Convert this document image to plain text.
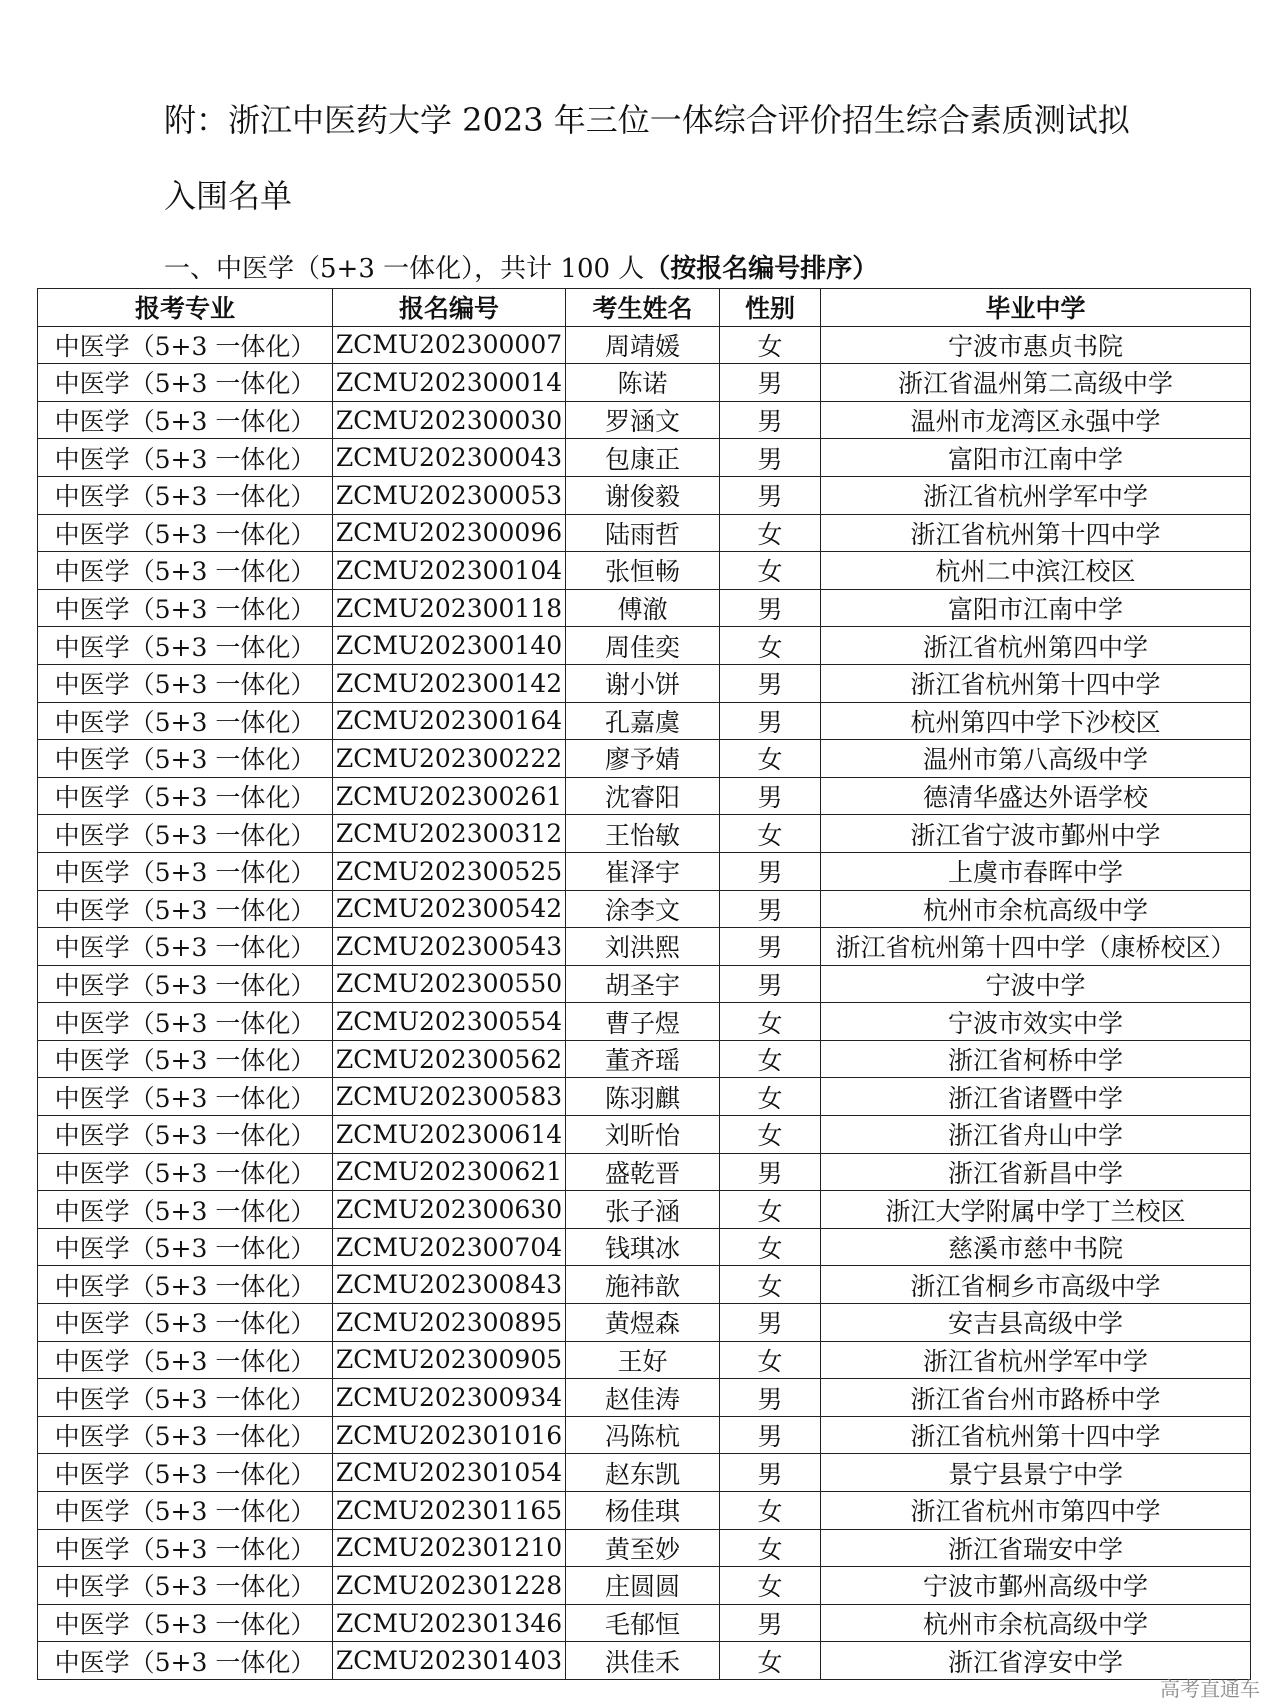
附：浙江中医药大学 2023 年三位一体综合评价招生综合素质测试拟
入围名单
一、中医学（5+3 一体化），共计 100 人（按报名编号排序）
报考专业	报名编号	考生姓名	性别	毕业中学
中医学（5+3 一体化）	ZCMU202300007	周靖媛	女	宁波市惠贞书院
中医学（5+3 一体化）	ZCMU202300014	陈诺	男	浙江省温州第二高级中学
中医学（5+3 一体化）	ZCMU202300030	罗涵文	男	温州市龙湾区永强中学
中医学（5+3 一体化）	ZCMU202300043	包康正	男	富阳市江南中学
中医学（5+3 一体化）	ZCMU202300053	谢俊毅	男	浙江省杭州学军中学
中医学（5+3 一体化）	ZCMU202300096	陆雨哲	女	浙江省杭州第十四中学
中医学（5+3 一体化）	ZCMU202300104	张恒畅	女	杭州二中滨江校区
中医学（5+3 一体化）	ZCMU202300118	傅澈	男	富阳市江南中学
中医学（5+3 一体化）	ZCMU202300140	周佳奕	女	浙江省杭州第四中学
中医学（5+3 一体化）	ZCMU202300142	谢小饼	男	浙江省杭州第十四中学
中医学（5+3 一体化）	ZCMU202300164	孔嘉虞	男	杭州第四中学下沙校区
中医学（5+3 一体化）	ZCMU202300222	廖予婧	女	温州市第八高级中学
中医学（5+3 一体化）	ZCMU202300261	沈睿阳	男	德清华盛达外语学校
中医学（5+3 一体化）	ZCMU202300312	王怡敏	女	浙江省宁波市鄞州中学
中医学（5+3 一体化）	ZCMU202300525	崔泽宇	男	上虞市春晖中学
中医学（5+3 一体化）	ZCMU202300542	涂李文	男	杭州市余杭高级中学
中医学（5+3 一体化）	ZCMU202300543	刘洪熙	男	浙江省杭州第十四中学（康桥校区）
中医学（5+3 一体化）	ZCMU202300550	胡圣宇	男	宁波中学
中医学（5+3 一体化）	ZCMU202300554	曹子煜	女	宁波市效实中学
中医学（5+3 一体化）	ZCMU202300562	董齐瑶	女	浙江省柯桥中学
中医学（5+3 一体化）	ZCMU202300583	陈羽麒	女	浙江省诸暨中学
中医学（5+3 一体化）	ZCMU202300614	刘昕怡	女	浙江省舟山中学
中医学（5+3 一体化）	ZCMU202300621	盛乾晋	男	浙江省新昌中学
中医学（5+3 一体化）	ZCMU202300630	张子涵	女	浙江大学附属中学丁兰校区
中医学（5+3 一体化）	ZCMU202300704	钱琪冰	女	慈溪市慈中书院
中医学（5+3 一体化）	ZCMU202300843	施祎歆	女	浙江省桐乡市高级中学
中医学（5+3 一体化）	ZCMU202300895	黄煜森	男	安吉县高级中学
中医学（5+3 一体化）	ZCMU202300905	王好	女	浙江省杭州学军中学
中医学（5+3 一体化）	ZCMU202300934	赵佳涛	男	浙江省台州市路桥中学
中医学（5+3 一体化）	ZCMU202301016	冯陈杭	男	浙江省杭州第十四中学
中医学（5+3 一体化）	ZCMU202301054	赵东凯	男	景宁县景宁中学
中医学（5+3 一体化）	ZCMU202301165	杨佳琪	女	浙江省杭州市第四中学
中医学（5+3 一体化）	ZCMU202301210	黄至妙	女	浙江省瑞安中学
中医学（5+3 一体化）	ZCMU202301228	庄圆圆	女	宁波市鄞州高级中学
中医学（5+3 一体化）	ZCMU202301346	毛郁恒	男	杭州市余杭高级中学
中医学（5+3 一体化）	ZCMU202301403	洪佳禾	女	浙江省淳安中学
高考直通车
